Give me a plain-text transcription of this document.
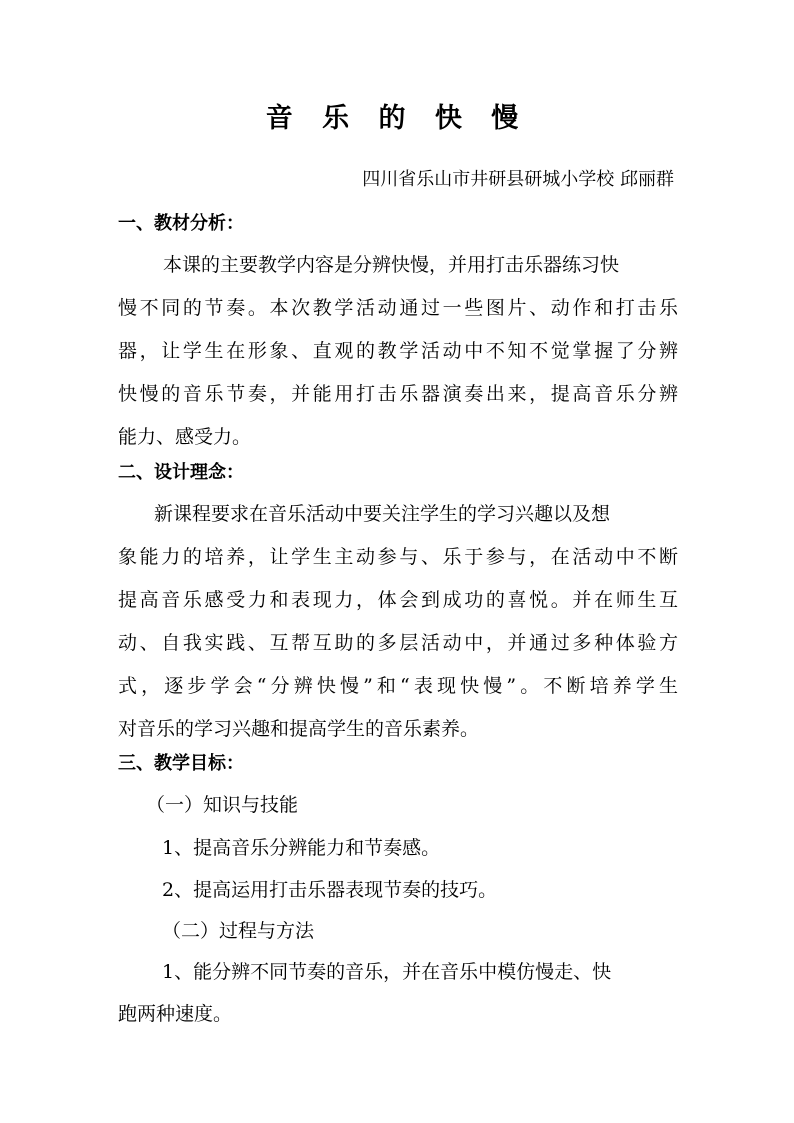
音 乐 的 快 慢
四川省乐山市井研县研城小学校 邱丽群
一、教材分析：
　本课的主要教学内容是分辨快慢，并用打击乐器练习快
慢不同的节奏。本次教学活动通过一些图片、动作和打击乐
器，让学生在形象、直观的教学活动中不知不觉掌握了分辨
快慢的音乐节奏，并能用打击乐器演奏出来，提高音乐分辨
能力、感受力。
二、设计理念：
新课程要求在音乐活动中要关注学生的学习兴趣以及想
象能力的培养，让学生主动参与、乐于参与，在活动中不断
提高音乐感受力和表现力，体会到成功的喜悦。并在师生互
动、自我实践、互帮互助的多层活动中，并通过多种体验方
式，逐步学会“分辨快慢”和“表现快慢”。不断培养学生
对音乐的学习兴趣和提高学生的音乐素养。
三、教学目标：
（一）知识与技能
1、提高音乐分辨能力和节奏感。
2、提高运用打击乐器表现节奏的技巧。
（二）过程与方法
1、能分辨不同节奏的音乐，并在音乐中模仿慢走、快
跑两种速度。
